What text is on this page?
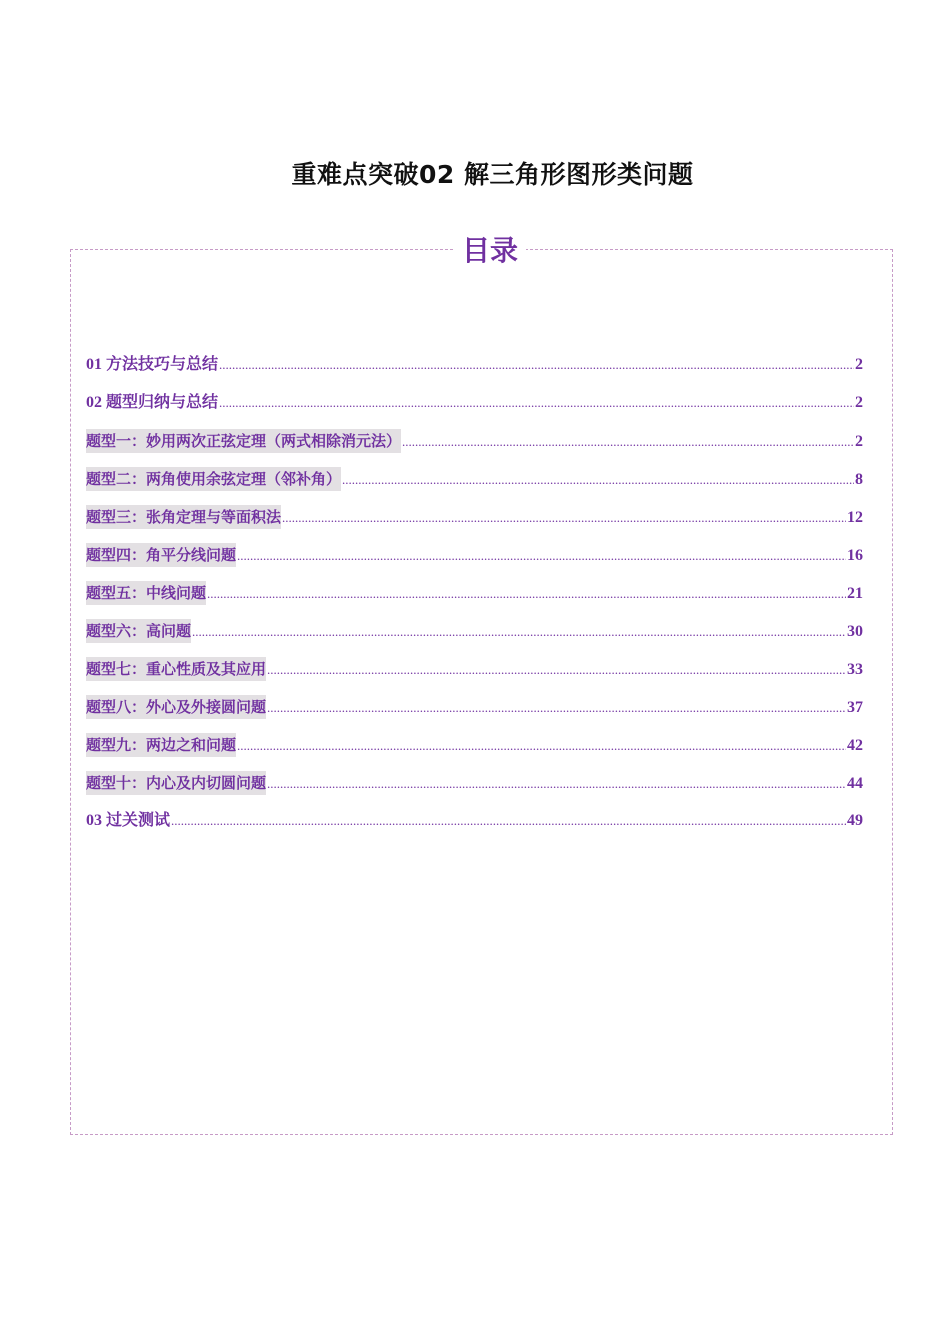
重难点突破02 解三角形图形类问题
目录
01 方法技巧与总结 .....	2
02 题型归纳与总结 .....	2
题型一：妙用两次正弦定理（两式相除消元法） .....	2
题型二：两角使用余弦定理（邻补角） .....	8
题型三：张角定理与等面积法 .....	12
题型四：角平分线问题 .....	16
题型五：中线问题 .....	21
题型六：高问题 .....	30
题型七：重心性质及其应用 .....	33
题型八：外心及外接圆问题 .....	37
题型九：两边之和问题 .....	42
题型十：内心及内切圆问题 .....	44
03 过关测试 .....	49
